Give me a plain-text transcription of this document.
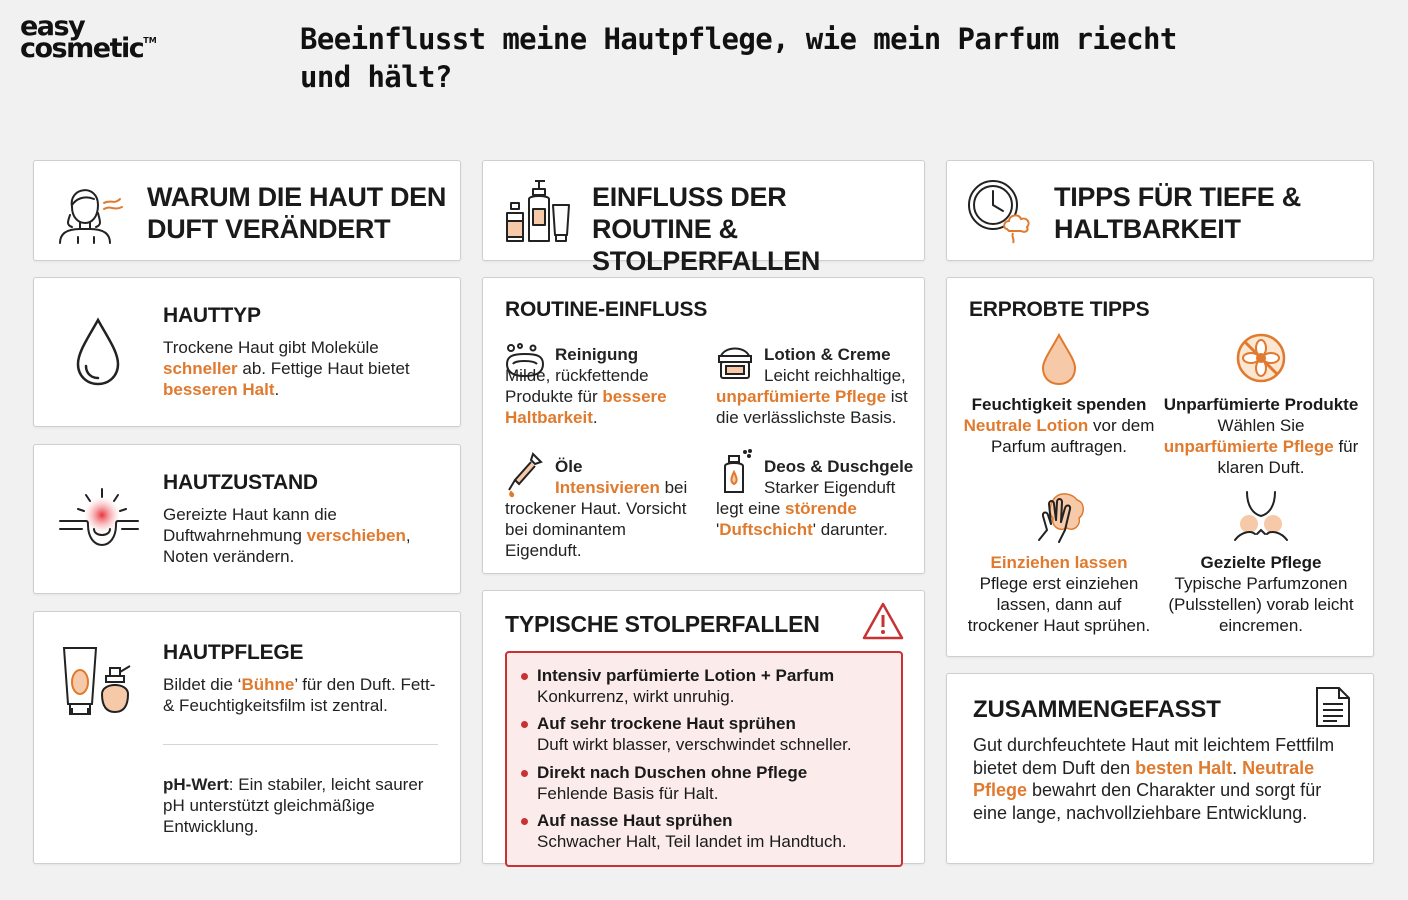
easy
cosmetic™	Beeinflusst meine Hautpflege, wie mein Parfum riecht und hält?
WARUM DIE HAUT DEN DUFT VERÄNDERT
HAUTTYP
Trockene Haut gibt Moleküle schneller ab. Fettige Haut bietet besseren Halt.
HAUTZUSTAND
Gereizte Haut kann die Duftwahrnehmung verschieben, Noten verändern.
HAUTPFLEGE
Bildet die ‘Bühne’ für den Duft. Fett- & Feuchtigkeitsfilm ist zentral.
pH-Wert: Ein stabiler, leicht saurer pH unterstützt gleichmäßige Entwicklung.
EINFLUSS DER ROUTINE & STOLPERFALLEN
ROUTINE-EINFLUSS
Reinigung
Milde, rückfettende Produkte für bessere Haltbarkeit.
Lotion & Creme
Leicht reichhaltige, unparfümierte Pflege ist die verlässlichste Basis.
Öle
Intensivieren bei trockener Haut. Vorsicht bei dominantem Eigenduft.
Deos & Duschgele
Starker Eigenduft legt eine störende 'Duftschicht' darunter.
TYPISCHE STOLPERFALLEN
Intensiv parfümierte Lotion + Parfum
Konkurrenz, wirkt unruhig.
Auf sehr trockene Haut sprühen
Duft wirkt blasser, verschwindet schneller.
Direkt nach Duschen ohne Pflege
Fehlende Basis für Halt.
Auf nasse Haut sprühen
Schwacher Halt, Teil landet im Handtuch.
TIPPS FÜR TIEFE & HALTBARKEIT
ERPROBTE TIPPS
Feuchtigkeit spenden
Neutrale Lotion vor dem Parfum auftragen.
Unparfümierte Produkte
Wählen Sie unparfümierte Pflege für klaren Duft.
Einziehen lassen
Pflege erst einziehen lassen, dann auf trockener Haut sprühen.
Gezielte Pflege
Typische Parfumzonen (Pulsstellen) vorab leicht eincremen.
ZUSAMMENGEFASST
Gut durchfeuchtete Haut mit leichtem Fettfilm bietet dem Duft den besten Halt. Neutrale Pflege bewahrt den Charakter und sorgt für eine lange, nachvollziehbare Entwicklung.
